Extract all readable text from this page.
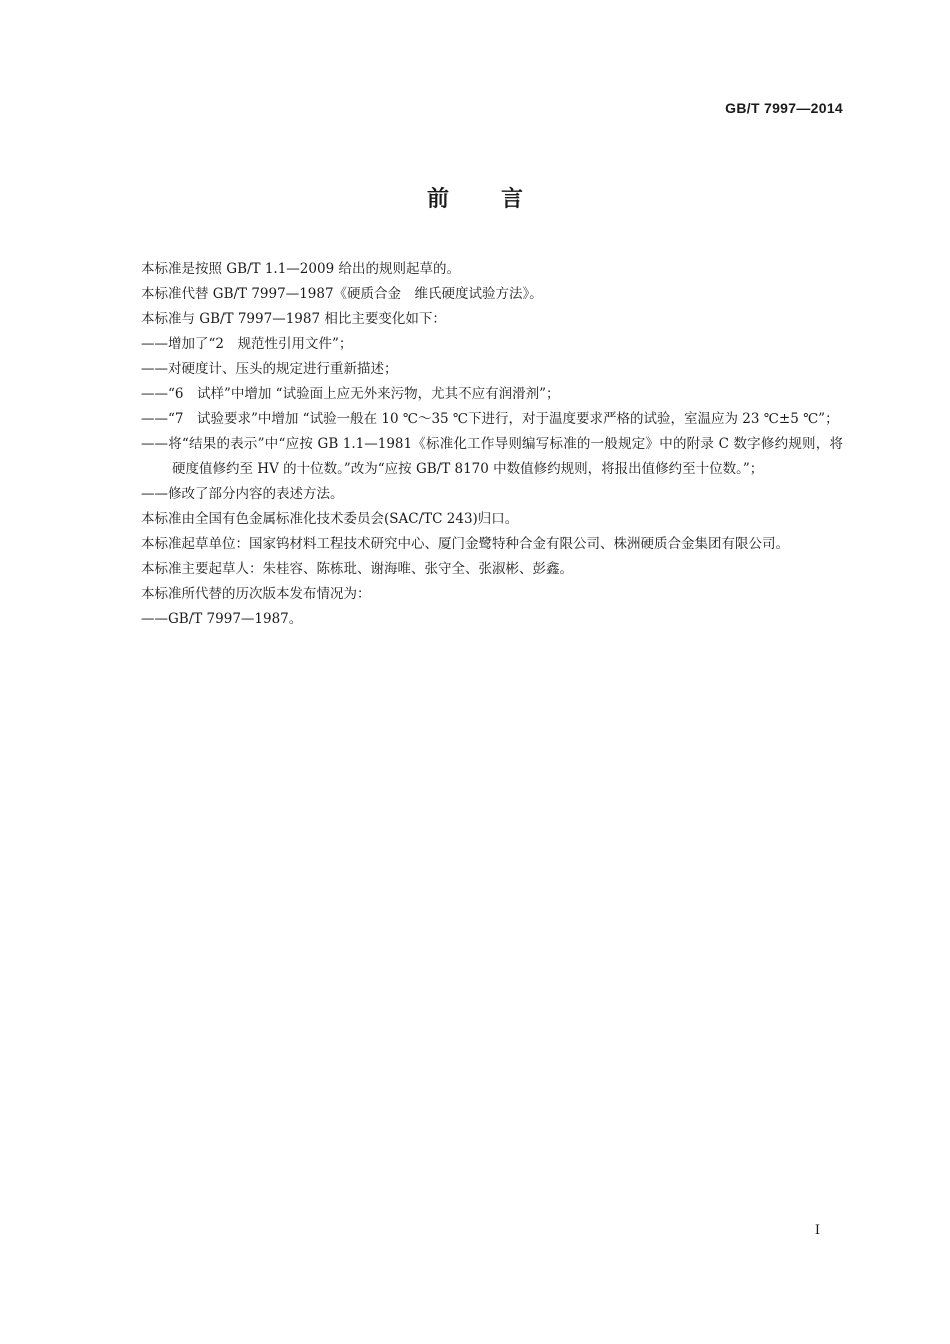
GB/T 7997—2014
前言

本标准是按照 GB/T 1.1—2009 给出的规则起草的。

本标准代替 GB/T 7997—1987《硬质合金　维氏硬度试验方法》。

本标准与 GB/T 7997—1987 相比主要变化如下：

——增加了“2　规范性引用文件”；

——对硬度计、压头的规定进行重新描述；

——“6　试样”中增加 “试验面上应无外来污物，尤其不应有润滑剂”；

——“7　试验要求”中增加 “试验一般在 10 ℃～35 ℃下进行，对于温度要求严格的试验，室温应为 23 ℃±5 ℃”；

——将“结果的表示”中“应按 GB 1.1—1981《标准化工作导则编写标准的一般规定》中的附录 C 数字修约规则，将硬度值修约至 HV 的十位数。”改为“应按 GB/T 8170 中数值修约规则，将报出值修约至十位数。”；

——修改了部分内容的表述方法。

本标准由全国有色金属标准化技术委员会(SAC/TC 243)归口。

本标准起草单位：国家钨材料工程技术研究中心、厦门金鹭特种合金有限公司、株洲硬质合金集团有限公司。

本标准主要起草人：朱桂容、陈栋玭、谢海唯、张守全、张淑彬、彭鑫。

本标准所代替的历次版本发布情况为：

——GB/T 7997—1987。

I
